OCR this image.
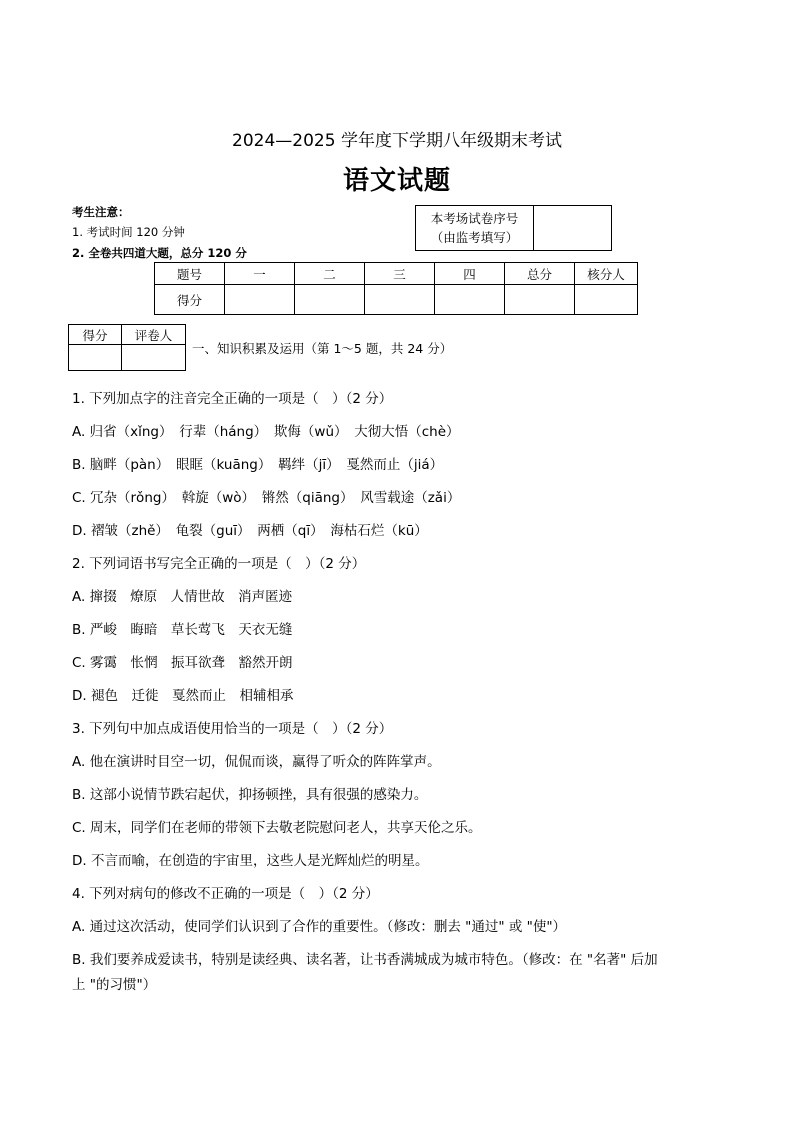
2024—2025 学年度下学期八年级期末考试
语文试题
考生注意：
1. 考试时间 120 分钟
2. 全卷共四道大题，总分 120 分
本考场试卷序号
（由监考填写）	
题号	一	二	三	四	总分	核分人
得分						
得分	评卷人

一、知识积累及运用（第 1～5 题，共 24 分）
1. 下列加点字的注音完全正确的一项是（　）（2 分）
A. 归省（xǐng）　行辈（háng）　欺侮（wǔ）　大彻大悟（chè）
B. 脑畔（pàn）　眼眶（kuāng）　羁绊（jī）　戛然而止（jiá）
C. 冗杂（rǒng）　斡旋（wò）　锵然（qiāng）　风雪载途（zǎi）
D. 褶皱（zhě）　龟裂（guī）　两栖（qī）　海枯石烂（kū）
2. 下列词语书写完全正确的一项是（　）（2 分）
A. 撺掇　燎原　人情世故　消声匿迹
B. 严峻　晦暗　草长莺飞　天衣无缝
C. 雾霭　怅惘　振耳欲聋　豁然开朗
D. 褪色　迁徙　戛然而止　相辅相承
3. 下列句中加点成语使用恰当的一项是（　）（2 分）
A. 他在演讲时目空一切，侃侃而谈，赢得了听众的阵阵掌声。
B. 这部小说情节跌宕起伏，抑扬顿挫，具有很强的感染力。
C. 周末，同学们在老师的带领下去敬老院慰问老人，共享天伦之乐。
D. 不言而喻，在创造的宇宙里，这些人是光辉灿烂的明星。
4. 下列对病句的修改不正确的一项是（　）（2 分）
A. 通过这次活动，使同学们认识到了合作的重要性。（修改：删去 "通过" 或 "使"）
B. 我们要养成爱读书，特别是读经典、读名著，让书香满城成为城市特色。（修改：在 "名著" 后加
上 "的习惯"）
